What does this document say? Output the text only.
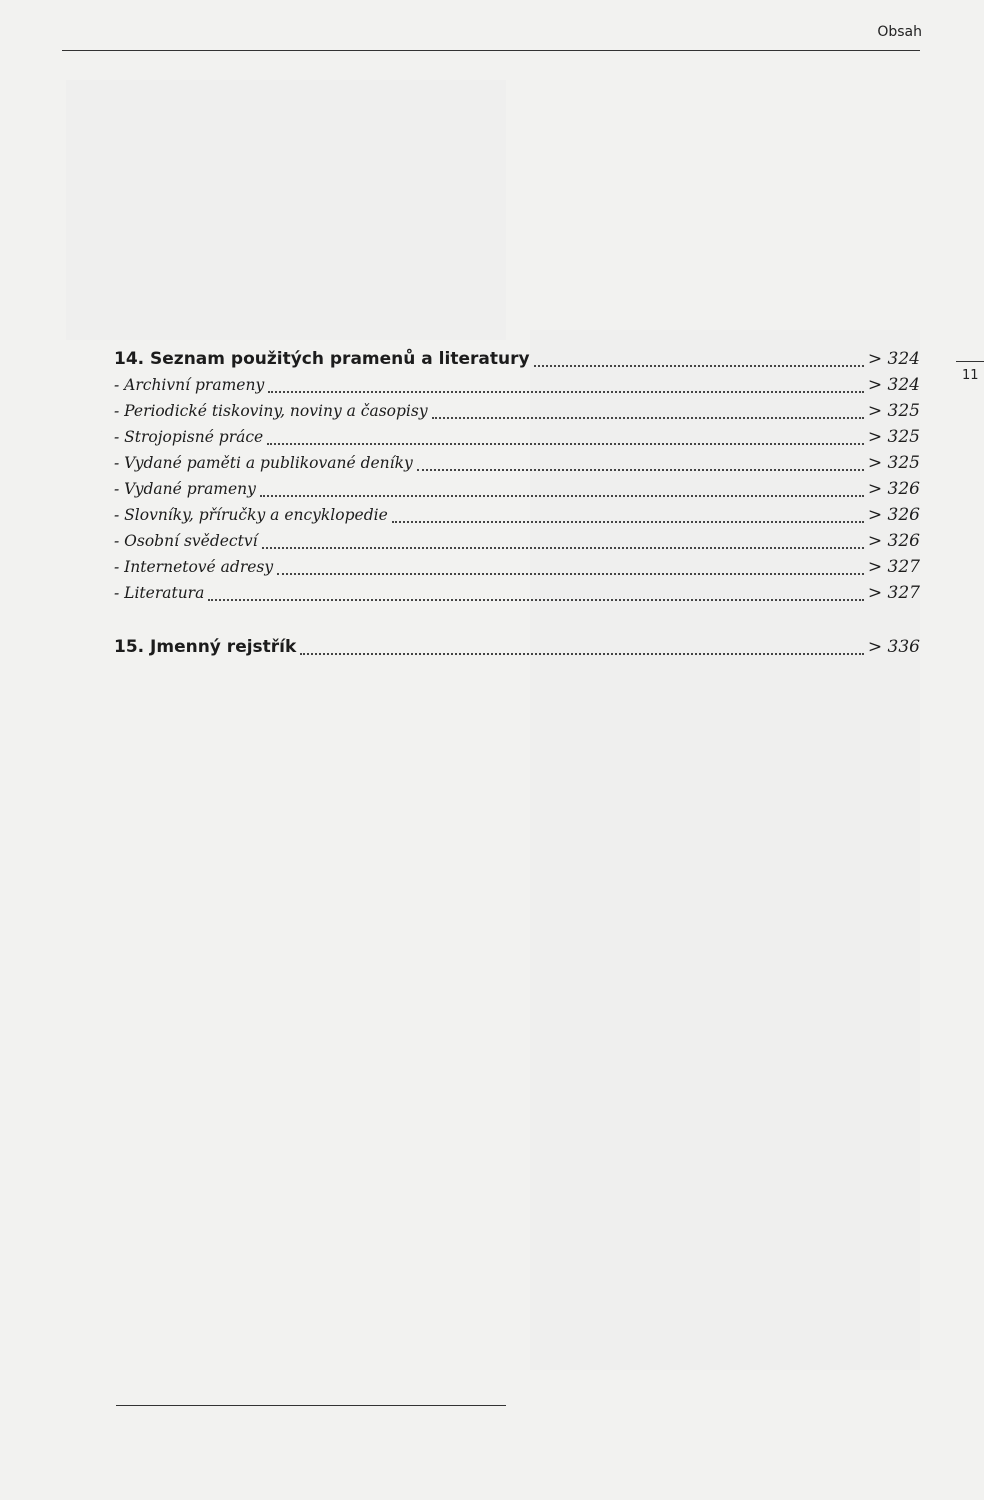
Obsah
11
14. Seznam použitých pramenů a literatury	> 324
- Archivní prameny	> 324
- Periodické tiskoviny, noviny a časopisy	> 325
- Strojopisné práce	> 325
- Vydané paměti a publikované deníky	> 325
- Vydané prameny	> 326
- Slovníky, příručky a encyklopedie	> 326
- Osobní svědectví	> 326
- Internetové adresy	> 327
- Literatura	> 327
15. Jmenný rejstřík	> 336
